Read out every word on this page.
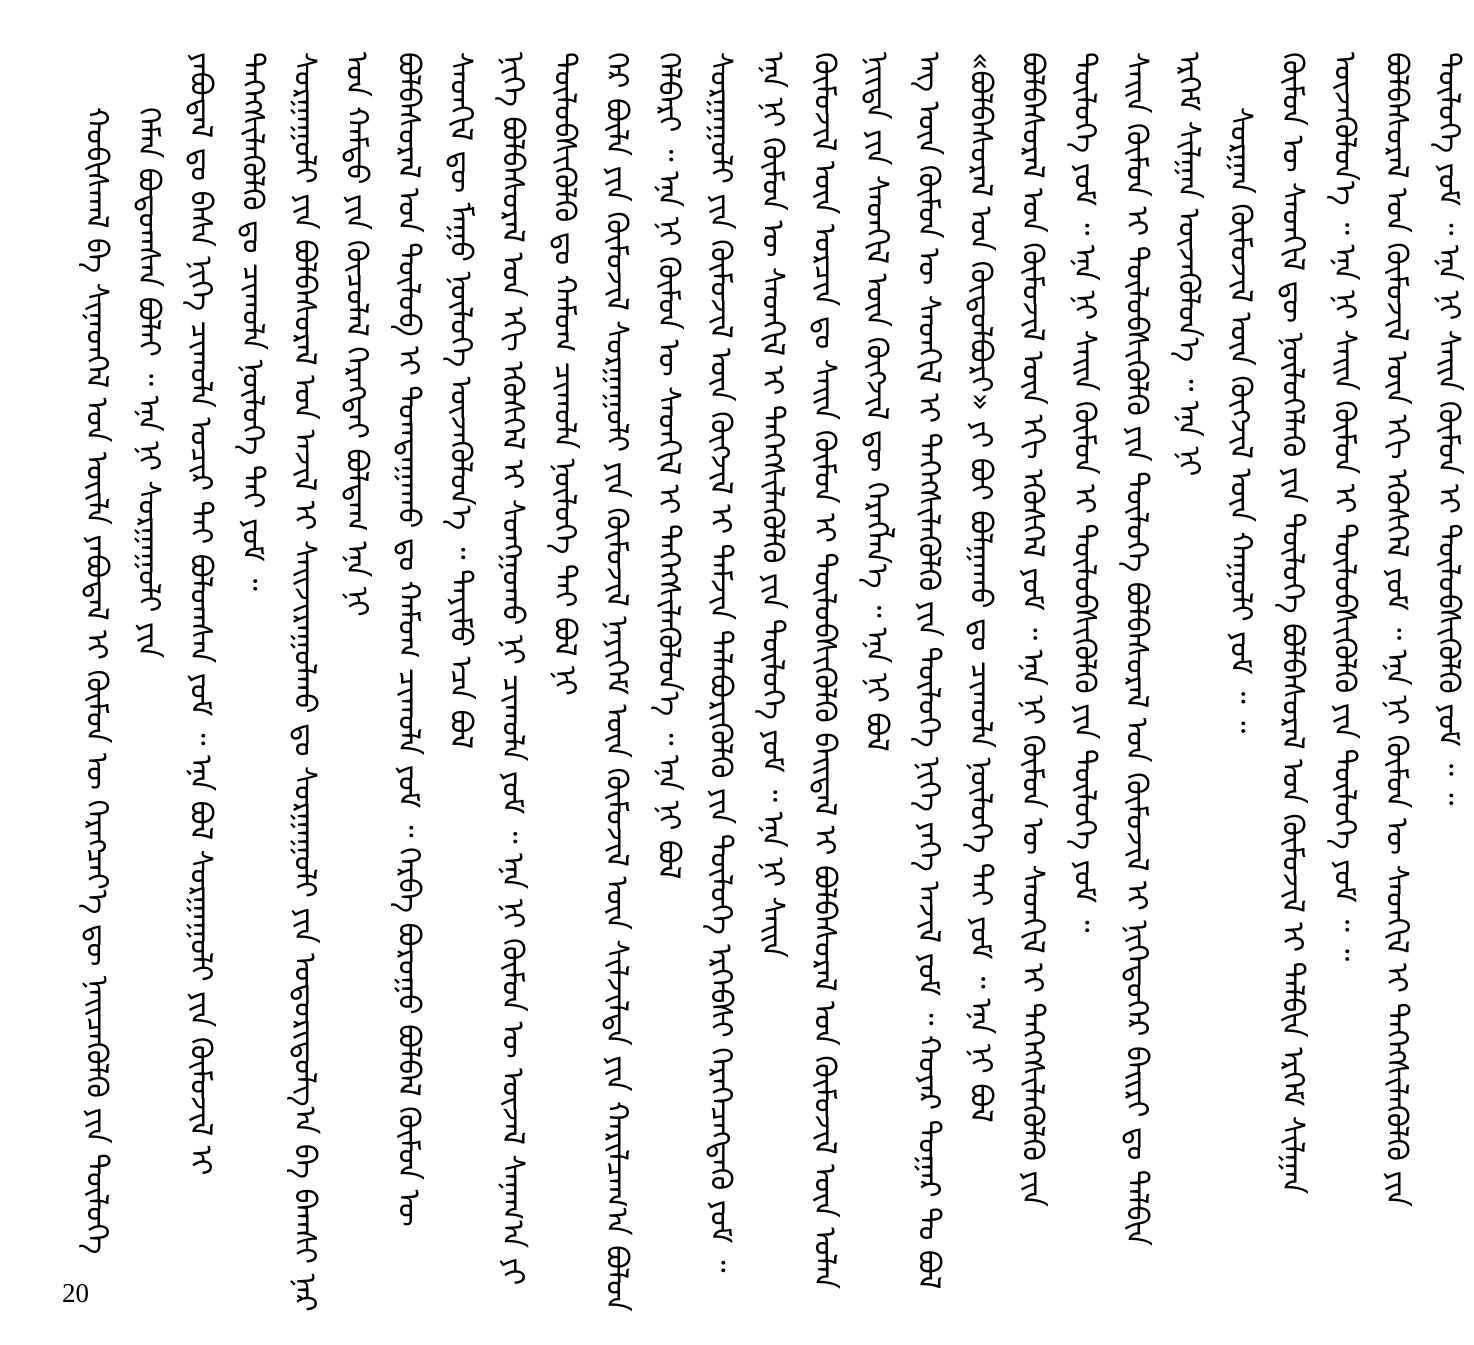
ᠬᠤᠪᠢᠰᠬᠠᠯ ᠪᠠ ᠰᠢᠨᠡᠳᠬᠡᠯ ᠤᠨ ᠦᠢᠯᠡ ᠶᠠᠪᠤᠳᠠᠯ ᠢ ᠬᠦᠮᠦᠨ ᠦ ᠬᠡᠷᠡᠭᠴᠡᠶ᠎ᠡ ᠳᠦ ᠨᠡᠢᠴᠡᠭᠦᠯᠬᠦ ᠶᠢᠨ ᠲᠥᠯᠦᠭᠡ ᠬᠡᠮᠡᠨ ᠪᠣᠳᠣᠭᠰᠠᠨ ᠪᠣᠯᠠᠢ ᠃ ᠡᠨᠡ ᠨᠢ ᠰᠤᠷᠭᠠᠭᠤᠯᠢ ᠶᠢᠨ ᠶᠠᠪᠤᠳᠠᠯ ᠳᠤ ᠪᠠᠰᠠ ᠨᠢᠭᠡ ᠴᠢᠬᠤᠯᠠ ᠤᠴᠢᠷ ᠲᠠᠢ ᠪᠤᠯᠤᠭᠰᠠᠨ ᠶᠤᠮ ᠃ ᠡᠨᠡ ᠪᠣᠯ ᠰᠤᠷᠭᠠᠭᠤᠯᠢ ᠶᠢᠨ ᠬᠦᠮᠦᠵᠢᠯ ᠢ ᠳᠡᠭᠡᠭᠰᠢᠯᠡᠭᠦᠯᠬᠦ ᠳᠤ ᠴᠢᠬᠤᠯᠠ ᠨᠥᠯᠦᠭᠡ ᠲᠡᠢ ᠶᠤᠮ ᠃ ᠰᠤᠷᠭᠠᠭᠤᠯᠢ ᠶᠢᠨ ᠪᠣᠯᠪᠠᠰᠤᠷᠠᠯ ᠤᠨ ᠠᠵᠢᠯ ᠢ ᠰᠠᠢᠵᠢᠷᠠᠭᠤᠯᠬᠤ ᠳᠤ ᠰᠤᠷᠭᠠᠭᠤᠯᠢ ᠶᠢᠨ ᠤᠳᠤᠷᠢᠳᠤᠯᠭ᠎ᠠ ᠪᠠ ᠪᠠᠭᠰᠢ ᠨᠠᠷ ᠤᠨ ᠬᠠᠮᠲᠤ ᠶᠢᠨ ᠬᠦᠴᠦᠯᠡᠯ ᠬᠡᠷᠡᠭᠲᠡᠢ ᠪᠣᠯᠳᠠᠭ ᠡᠨᠡ ᠨᠢ ᠪᠣᠯᠪᠠᠰᠤᠷᠠᠯ ᠤᠨ ᠲᠥᠯᠦᠪ ᠢ ᠲᠣᠭᠲᠠᠭᠠᠬᠤ ᠳᠤ ᠬᠠᠮᠤᠭ ᠴᠢᠬᠤᠯᠠ ᠶᠤᠮ ᠃ ᠬᠡᠷᠪᠡ ᠪᠤᠷᠤᠭᠤ ᠪᠣᠯᠪᠠᠯ ᠬᠦᠮᠦᠨ ᠦ ᠰᠡᠳᠬᠢᠯ ᠳᠦ ᠮᠠᠭᠤ ᠨᠥᠯᠦᠭᠡ ᠦᠵᠡᠭᠦᠯᠦᠨ᠎ᠡ ᠃ ᠲᠡᠶᠢᠮᠦ ᠡᠴᠡ ᠪᠣᠯ ᠨᠢᠭᠡ ᠪᠣᠯᠪᠠᠰᠤᠷᠠᠯ ᠤᠨ ᠡᠬᠢ ᠡᠭᠦᠰᠬᠡᠯ ᠢ ᠰᠣᠨᠭᠭᠣᠬᠤ ᠨᠢ ᠴᠢᠬᠤᠯᠠ ᠶᠤᠮ ᠃ ᠡᠨᠡ ᠨᠢ ᠬᠦᠮᠦᠨ ᠦ ᠦᠵᠡᠯ ᠰᠠᠨᠠᠭ᠎ᠠ ᠶᠢ ᠲᠥᠯᠦᠪᠰᠢᠭᠦᠯᠬᠦ ᠳᠤ ᠬᠠᠮᠤᠭ ᠴᠢᠬᠤᠯᠠ ᠨᠥᠯᠦᠭᠡ ᠲᠡᠢ ᠪᠣᠯ ᠨᠢ ᠭᠡᠷ ᠪᠦᠯᠡ ᠶᠢᠨ ᠬᠦᠮᠦᠵᠢᠯ ᠰᠤᠷᠭᠠᠭᠤᠯᠢ ᠶᠢᠨ ᠬᠦᠮᠦᠵᠢᠯ ᠨᠡᠶᠢᠭᠡᠮ ᠦᠨ ᠬᠦᠮᠦᠵᠢᠯ ᠦᠨ ᠰᠢᠯᠵᠢᠯᠲᠡ ᠶᠢᠨ ᠬᠠᠷᠢᠯᠴᠠᠭ᠎ᠠ ᠪᠣᠯᠤᠨ ᠬᠡᠯᠪᠡᠷᠢ ᠃ ᠡᠨᠡ ᠨᠢ ᠬᠦᠮᠦᠨ ᠦ ᠰᠡᠳᠬᠢᠯ ᠢ ᠳᠡᠭᠡᠭᠰᠢᠯᠡᠭᠦᠯᠦᠨ᠎ᠡ ᠃ ᠡᠨᠡ ᠨᠢ ᠪᠣᠯ ᠰᠤᠷᠭᠠᠭᠤᠯᠢ ᠶᠢᠨ ᠬᠦᠮᠦᠵᠢᠯ ᠦᠨ ᠬᠥᠭᠵᠢᠯ ᠢ ᠳᠡᠮᠵᠢᠨ ᠲᠡᠯᠡᠪᠦᠷᠢᠭᠦᠯᠬᠦ ᠶᠢᠨ ᠲᠥᠯᠦᠭᠡ ᠡᠷᠬᠡᠪᠰᠢ ᠬᠡᠷᠡᠭᠡᠴᠡᠭᠳᠡᠬᠦ ᠶᠤᠮ ᠃ ᠡᠨᠡ ᠨᠢ ᠬᠦᠮᠦᠨ ᠦ ᠰᠡᠳᠬᠢᠯ ᠢ ᠳᠡᠭᠡᠭᠰᠢᠯᠡᠭᠦᠯᠬᠦ ᠶᠢᠨ ᠲᠥᠯᠦᠭᠡ ᠶᠤᠮ ᠃ ᠡᠨᠡ ᠨᠢ ᠰᠠᠢᠨ ᠬᠦᠮᠦᠵᠢᠯ ᠦᠨ ᠣᠷᠴᠢᠨ ᠳᠤ ᠰᠠᠢᠨ ᠬᠦᠮᠦᠨ ᠢ ᠲᠥᠯᠦᠪᠰᠢᠭᠦᠯᠬᠦ ᠪᠠᠢᠳᠠᠯ ᠢ ᠪᠣᠯᠪᠠᠰᠤᠷᠠᠯ ᠤᠨ ᠬᠦᠮᠦᠵᠢᠯ ᠦᠨ ᠣᠯᠠᠨ ᠨᠢᠢᠲᠡ ᠶᠢᠨ ᠰᠡᠳᠬᠢᠯ ᠦᠨ ᠬᠥᠭᠵᠢᠯ ᠳᠦ ᠬᠡᠷᠡᠭᠯᠡᠨ᠎ᠡ ᠃ ᠡᠨᠡ ᠨᠢ ᠪᠣᠯ ᠡᠩ ᠦᠨ ᠬᠦᠮᠦᠨ ᠦ ᠰᠡᠳᠬᠢᠯ ᠢ ᠳᠡᠭᠡᠭᠰᠢᠯᠡᠭᠦᠯᠬᠦ ᠶᠢᠨ ᠲᠥᠯᠦᠭᠡ ᠨᠢᠭᠡ ᠶᠡᠬᠡ ᠠᠵᠢᠯ ᠶᠤᠮ ᠃ ᠬᠣᠶᠠᠷ ᠳᠤᠭᠠᠷ ᠲᠤ ᠪᠣᠯ «ᠪᠣᠯᠪᠠᠰᠤᠷᠠᠯ ᠤᠨ ᠬᠥᠲᠥᠯᠪᠦᠷᠢ» ᠶᠢ ᠪᠤᠢ ᠪᠣᠯᠭᠠᠬᠤ ᠳᠤ ᠴᠢᠬᠤᠯᠠ ᠨᠥᠯᠦᠭᠡ ᠲᠡᠢ ᠶᠤᠮ ᠃ ᠡᠨᠡ ᠨᠢ ᠪᠣᠯ ᠪᠣᠯᠪᠠᠰᠤᠷᠠᠯ ᠤᠨ ᠬᠦᠮᠦᠵᠢᠯ ᠦᠨ ᠡᠬᠢ ᠡᠭᠦᠰᠬᠡᠯ ᠶᠤᠮ ᠃ ᠡᠨᠡ ᠨᠢ ᠬᠦᠮᠦᠨ ᠦ ᠰᠡᠳᠬᠢᠯ ᠢ ᠳᠡᠭᠡᠭᠰᠢᠯᠡᠭᠦᠯᠬᠦ ᠶᠢᠨ ᠲᠥᠯᠦᠭᠡ ᠶᠤᠮ ᠃ ᠡᠨᠡ ᠨᠢ ᠰᠠᠢᠨ ᠬᠦᠮᠦᠨ ᠢ ᠲᠥᠯᠦᠪᠰᠢᠭᠦᠯᠬᠦ ᠶᠢᠨ ᠲᠥᠯᠦᠭᠡ ᠶᠤᠮ ᠃ ᠰᠠᠢᠨ ᠬᠦᠮᠦᠨ ᠢ ᠲᠥᠯᠦᠪᠰᠢᠭᠦᠯᠬᠦ ᠶᠢᠨ ᠲᠥᠯᠦᠭᠡ ᠪᠣᠯᠪᠠᠰᠤᠷᠠᠯ ᠤᠨ ᠬᠦᠮᠦᠵᠢᠯ ᠢ ᠨᠢᠭᠡᠳᠦᠭᠡᠷ ᠪᠠᠢᠷᠢ ᠳᠤ ᠲᠠᠯᠪᠢᠨ ᠡᠷᠬᠡᠮ ᠰᠢᠯᠭᠠᠨ ᠦᠵᠡᠭᠦᠯᠦᠨ᠎ᠡ ᠃ ᠡᠨᠡ ᠨᠢ ᠰᠤᠷᠭᠠᠨ ᠬᠥᠮᠦᠵᠢᠯ ᠦᠨ ᠬᠥᠭᠵᠢᠯ ᠦᠨ ᠬᠠᠭᠤᠯᠢ ᠶᠤᠮ ᠃ ᠃ ᠬᠦᠮᠦᠨ ᠦ ᠰᠡᠳᠬᠢᠯ ᠳᠦ ᠨᠥᠯᠦᠭᠡᠯᠡᠬᠦ ᠶᠢᠨ ᠲᠥᠯᠦᠭᠡ ᠪᠣᠯᠪᠠᠰᠤᠷᠠᠯ ᠤᠨ ᠬᠦᠮᠦᠵᠢᠯ ᠢ ᠲᠠᠯᠪᠢᠨ ᠡᠷᠬᠡᠮ ᠰᠢᠯᠭᠠᠨ ᠦᠵᠡᠭᠦᠯᠦᠨ᠎ᠡ ᠃ ᠡᠨᠡ ᠨᠢ ᠰᠠᠢᠨ ᠬᠦᠮᠦᠨ ᠢ ᠲᠥᠯᠦᠪᠰᠢᠭᠦᠯᠬᠦ ᠶᠢᠨ ᠲᠥᠯᠦᠭᠡ ᠶᠤᠮ ᠃ ᠃ ᠪᠣᠯᠪᠠᠰᠤᠷᠠᠯ ᠤᠨ ᠬᠦᠮᠦᠵᠢᠯ ᠦᠨ ᠡᠬᠢ ᠡᠭᠦᠰᠬᠡᠯ ᠶᠤᠮ ᠃ ᠡᠨᠡ ᠨᠢ ᠬᠦᠮᠦᠨ ᠦ ᠰᠡᠳᠬᠢᠯ ᠢ ᠳᠡᠭᠡᠭᠰᠢᠯᠡᠭᠦᠯᠬᠦ ᠶᠢᠨ ᠲᠥᠯᠦᠭᠡ ᠶᠤᠮ ᠃ ᠡᠨᠡ ᠨᠢ ᠰᠠᠢᠨ ᠬᠦᠮᠦᠨ ᠢ ᠲᠥᠯᠦᠪᠰᠢᠭᠦᠯᠬᠦ ᠶᠤᠮ ᠃ ᠃

20
